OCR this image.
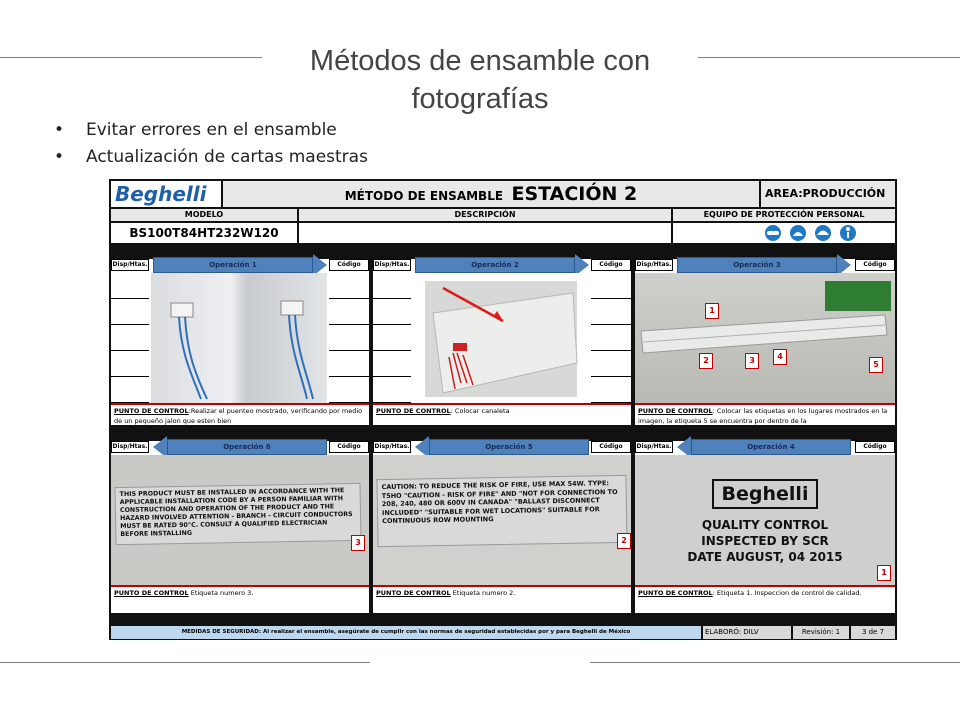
Métodos de ensamble con
fotografías
• Evitar errores en el ensamble
• Actualización de cartas maestras
Beghelli	MÉTODO DE ENSAMBLE ESTACIÓN 2	AREA:PRODUCCIÓN
MODELO	DESCRIPCIÓN	EQUIPO DE PROTECCIÓN PERSONAL
BS100T84HT232W120
Disp/Htas.	Código
Operación 1
PUNTO DE CONTROL:Realizar el puenteo mostrado, verificando por medio de un pequeño jalon que esten bien
Disp/Htas.	Código
Operación 2
PUNTO DE CONTROL: Colocar canaleta
Disp/Htas.	Código
Operación 3
1
2	3	4
5
PUNTO DE CONTROL: Colocar las etiquetas en los lugares mostrados en la imagen, la etiqueta 5 se encuentra por dentro de la
Disp/Htas.	Código
Operación 6
THIS PRODUCT MUST BE INSTALLED IN ACCORDANCE WITH THE APPLICABLE INSTALLATION CODE BY A PERSON FAMILIAR WITH CONSTRUCTION AND OPERATION OF THE PRODUCT AND THE HAZARD INVOLVED ATTENTION - BRANCH - CIRCUIT CONDUCTORS MUST BE RATED 90°C. CONSULT A QUALIFIED ELECTRICIAN BEFORE INSTALLING
3
PUNTO DE CONTROL Etiqueta numero 3.
Disp/Htas.	Código
Operación 5
CAUTION: TO REDUCE THE RISK OF FIRE, USE MAX 54W. TYPE: T5HO "CAUTION - RISK OF FIRE" AND "NOT FOR CONNECTION TO 208, 240, 480 OR 600V IN CANADA" "BALLAST DISCONNECT INCLUDED" "SUITABLE FOR WET LOCATIONS" SUITABLE FOR CONTINUOUS ROW MOUNTING
2
PUNTO DE CONTROL Etiqueta numero 2.
Disp/Htas.	Código
Operación 4
Beghelli
QUALITY CONTROL
INSPECTED BY SCR
DATE AUGUST, 04 2015
1
PUNTO DE CONTROL: Etiqueta 1. Inspeccion de control de calidad.
MEDIDAS DE SEGURIDAD: Al realizar el ensamble, asegúrate de cumplir con las normas de seguridad establecidas por y para Beghelli de México	ELABORÓ: DILV	Revisión: 1	3 de 7
